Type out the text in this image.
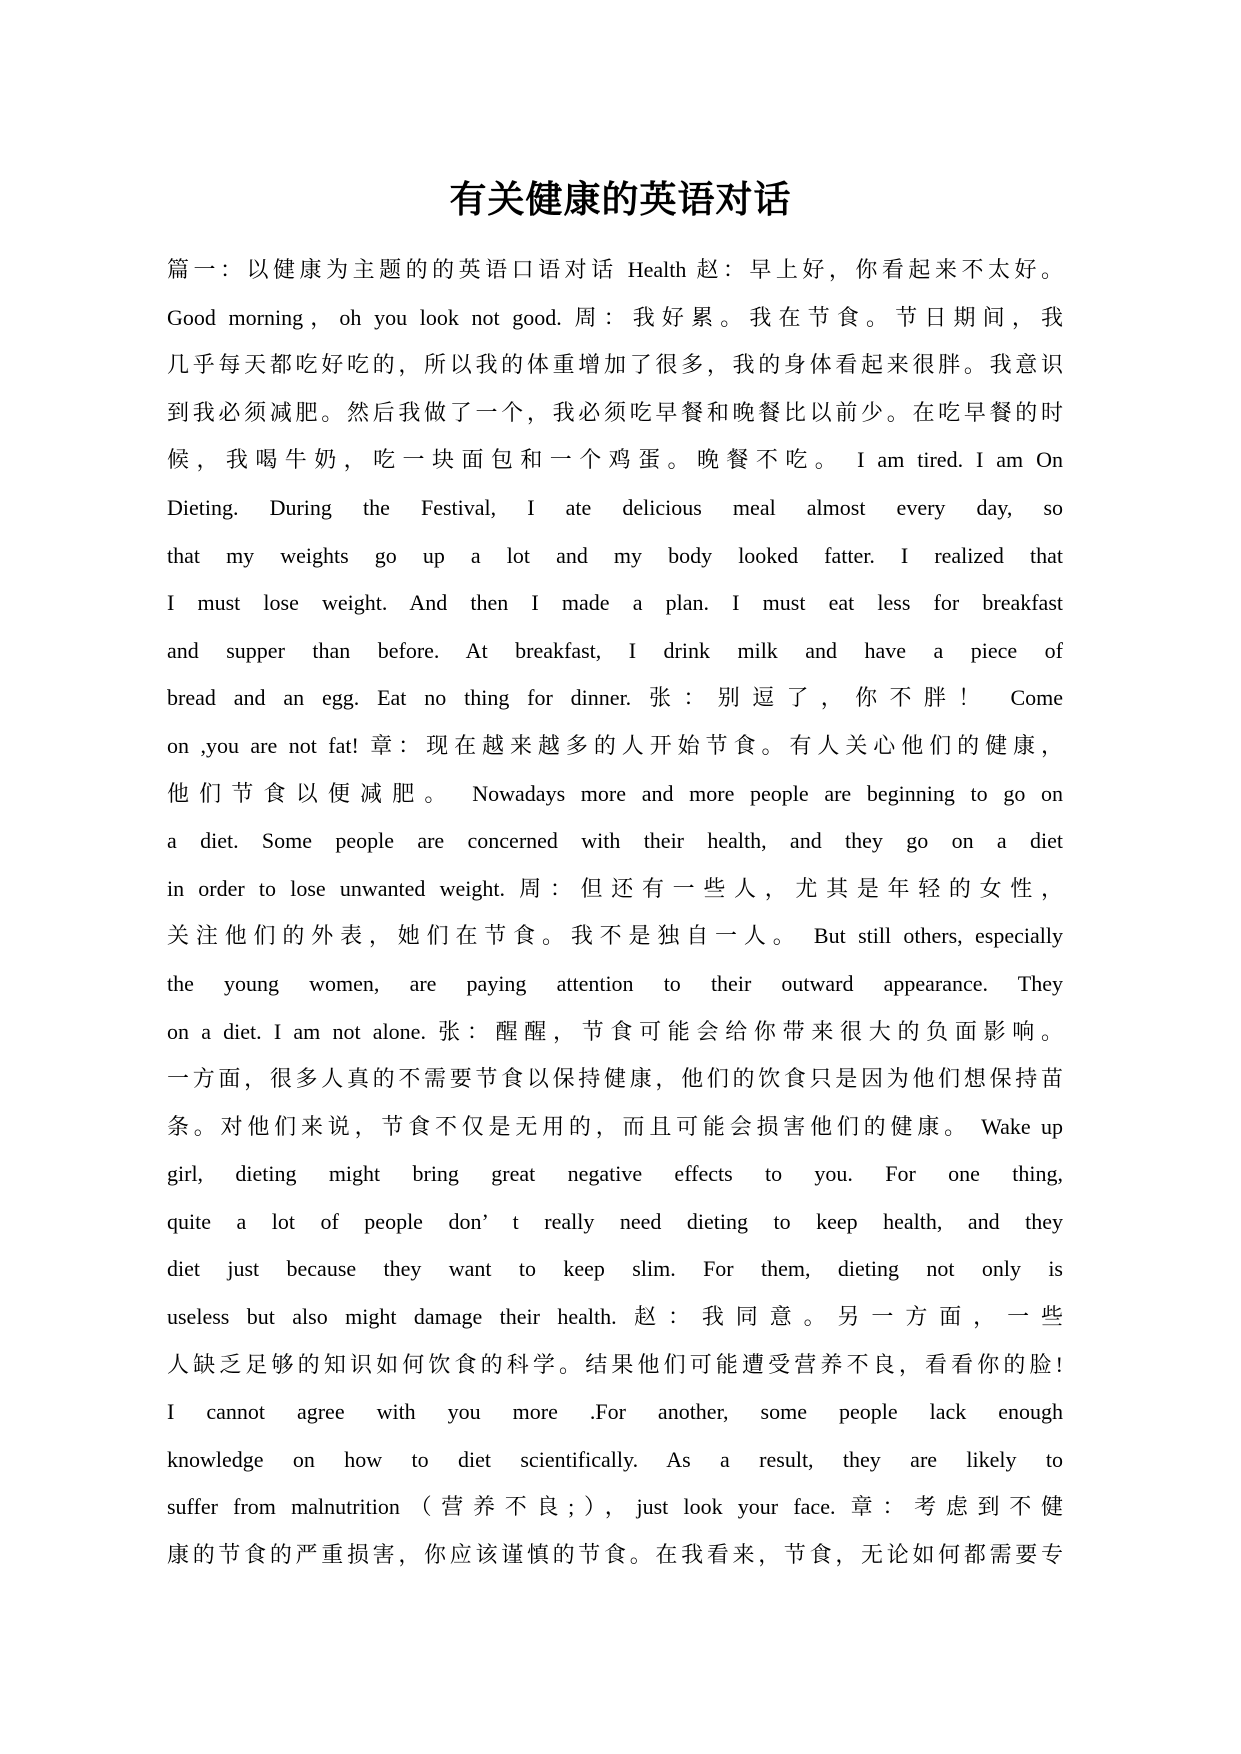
有关健康的英语对话
篇一：以健康为主题的的英语口语对话 Health 赵：早上好，你看起来不太好。
Good morning，oh you look not good. 周：我好累。我在节食。节日期间，我
几乎每天都吃好吃的，所以我的体重增加了很多，我的身体看起来很胖。我意识
到我必须减肥。然后我做了一个，我必须吃早餐和晚餐比以前少。在吃早餐的时
候，我喝牛奶，吃一块面包和一个鸡蛋。晚餐不吃。 I am tired. I am On
Dieting. During the Festival, I ate delicious meal almost every day, so
that my weights go up a lot and my body looked fatter. I realized that
I must lose weight. And then I made a plan. I must eat less for breakfast
and supper than before. At breakfast, I drink milk and have a piece of
bread and an egg. Eat no thing for dinner. 张：别逗了，你不胖！ Come
on ,you are not fat! 章：现在越来越多的人开始节食。有人关心他们的健康，
他们节食以便减肥。 Nowadays more and more people are beginning to go on
a diet. Some people are concerned with their health, and they go on a diet
in order to lose unwanted weight. 周：但还有一些人，尤其是年轻的女性，
关注他们的外表，她们在节食。我不是独自一人。 But still others, especially
the young women, are paying attention to their outward appearance. They
on a diet. I am not alone. 张：醒醒，节食可能会给你带来很大的负面影响。
一方面，很多人真的不需要节食以保持健康，他们的饮食只是因为他们想保持苗
条。对他们来说，节食不仅是无用的，而且可能会损害他们的健康。 Wake up
girl, dieting might bring great negative effects to you. For one thing,
quite a lot of people don’ t really need dieting to keep health, and they
diet just because they want to keep slim. For them, dieting not only is
useless but also might damage their health. 赵：我同意。另一方面，一些
人缺乏足够的知识如何饮食的科学。结果他们可能遭受营养不良，看看你的脸!
I cannot agree with you more .For another, some people lack enough
knowledge on how to diet scientifically. As a result, they are likely to
suffer from malnutrition（营养不良;），just look your face. 章：考虑到不健
康的节食的严重损害，你应该谨慎的节食。在我看来，节食，无论如何都需要专
